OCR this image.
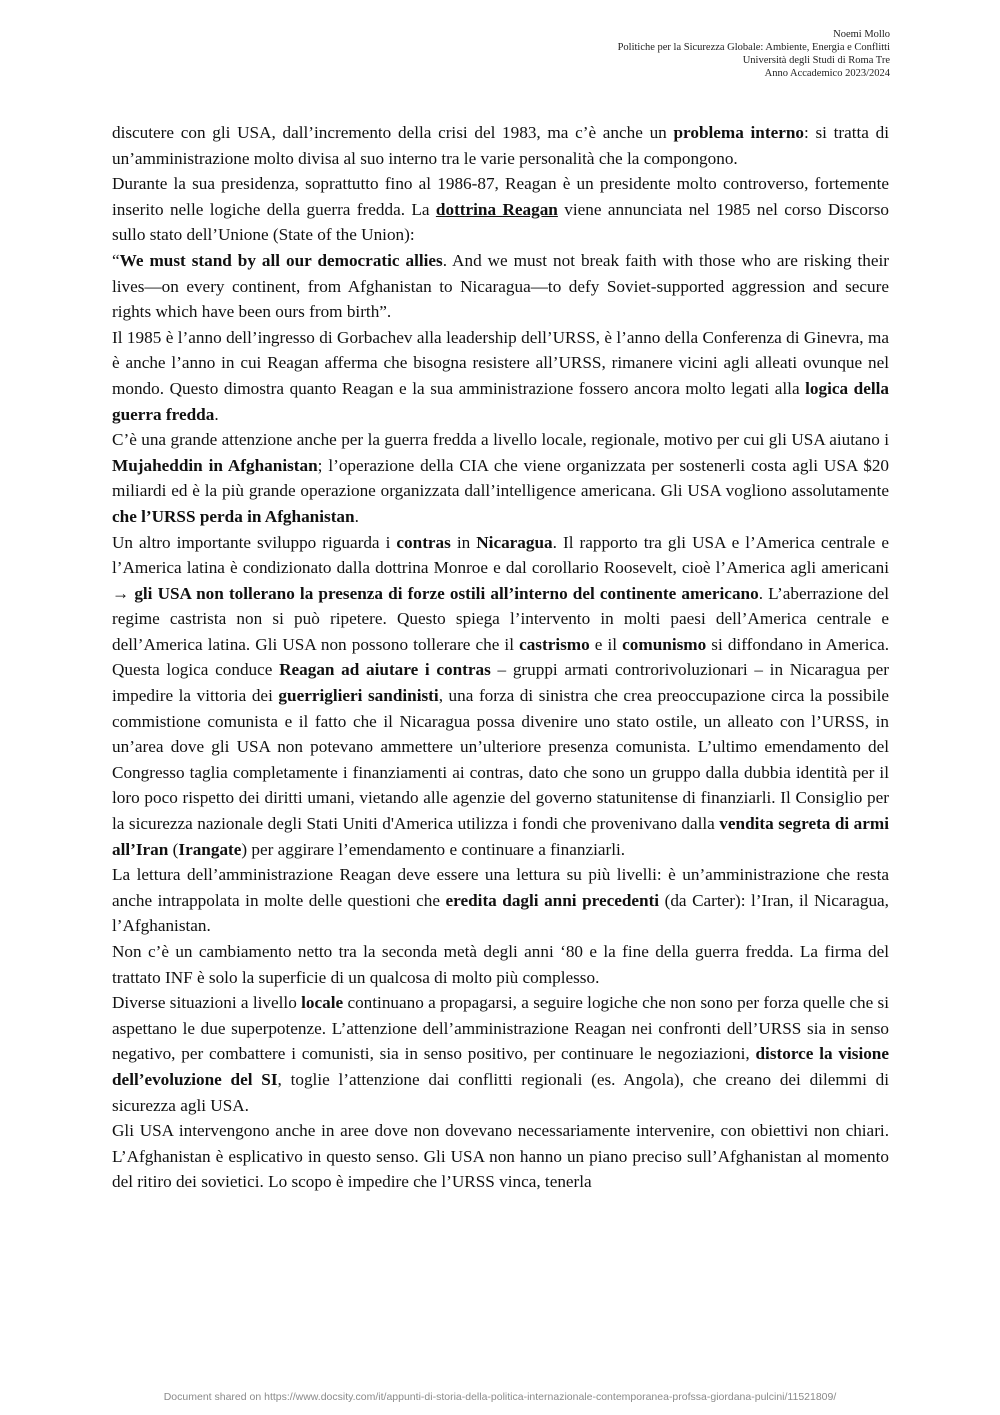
Noemi Mollo
Politiche per la Sicurezza Globale: Ambiente, Energia e Conflitti
Università degli Studi di Roma Tre
Anno Accademico 2023/2024

discutere con gli USA, dall’incremento della crisi del 1983, ma c’è anche un problema interno: si tratta di un’amministrazione molto divisa al suo interno tra le varie personalità che la compongono.

Durante la sua presidenza, soprattutto fino al 1986-87, Reagan è un presidente molto controverso, fortemente inserito nelle logiche della guerra fredda. La dottrina Reagan viene annunciata nel 1985 nel corso Discorso sullo stato dell’Unione (State of the Union):

“We must stand by all our democratic allies. And we must not break faith with those who are risking their lives—on every continent, from Afghanistan to Nicaragua—to defy Soviet-supported aggression and secure rights which have been ours from birth”.

Il 1985 è l’anno dell’ingresso di Gorbachev alla leadership dell’URSS, è l’anno della Conferenza di Ginevra, ma è anche l’anno in cui Reagan afferma che bisogna resistere all’URSS, rimanere vicini agli alleati ovunque nel mondo. Questo dimostra quanto Reagan e la sua amministrazione fossero ancora molto legati alla logica della guerra fredda.

C’è una grande attenzione anche per la guerra fredda a livello locale, regionale, motivo per cui gli USA aiutano i Mujaheddin in Afghanistan; l’operazione della CIA che viene organizzata per sostenerli costa agli USA $20 miliardi ed è la più grande operazione organizzata dall’intelligence americana. Gli USA vogliono assolutamente che l’URSS perda in Afghanistan.

Un altro importante sviluppo riguarda i contras in Nicaragua. Il rapporto tra gli USA e l’America centrale e l’America latina è condizionato dalla dottrina Monroe e dal corollario Roosevelt, cioè l’America agli americani → gli USA non tollerano la presenza di forze ostili all’interno del continente americano. L’aberrazione del regime castrista non si può ripetere. Questo spiega l’intervento in molti paesi dell’America centrale e dell’America latina. Gli USA non possono tollerare che il castrismo e il comunismo si diffondano in America. Questa logica conduce Reagan ad aiutare i contras – gruppi armati controrivoluzionari – in Nicaragua per impedire la vittoria dei guerriglieri sandinisti, una forza di sinistra che crea preoccupazione circa la possibile commistione comunista e il fatto che il Nicaragua possa divenire uno stato ostile, un alleato con l’URSS, in un’area dove gli USA non potevano ammettere un’ulteriore presenza comunista. L’ultimo emendamento del Congresso taglia completamente i finanziamenti ai contras, dato che sono un gruppo dalla dubbia identità per il loro poco rispetto dei diritti umani, vietando alle agenzie del governo statunitense di finanziarli. Il Consiglio per la sicurezza nazionale degli Stati Uniti d'America utilizza i fondi che provenivano dalla vendita segreta di armi all’Iran (Irangate) per aggirare l’emendamento e continuare a finanziarli.

La lettura dell’amministrazione Reagan deve essere una lettura su più livelli: è un’amministrazione che resta anche intrappolata in molte delle questioni che eredita dagli anni precedenti (da Carter): l’Iran, il Nicaragua, l’Afghanistan.

Non c’è un cambiamento netto tra la seconda metà degli anni ‘80 e la fine della guerra fredda. La firma del trattato INF è solo la superficie di un qualcosa di molto più complesso.

Diverse situazioni a livello locale continuano a propagarsi, a seguire logiche che non sono per forza quelle che si aspettano le due superpotenze. L’attenzione dell’amministrazione Reagan nei confronti dell’URSS sia in senso negativo, per combattere i comunisti, sia in senso positivo, per continuare le negoziazioni, distorce la visione dell’evoluzione del SI, toglie l’attenzione dai conflitti regionali (es. Angola), che creano dei dilemmi di sicurezza agli USA.

Gli USA intervengono anche in aree dove non dovevano necessariamente intervenire, con obiettivi non chiari. L’Afghanistan è esplicativo in questo senso. Gli USA non hanno un piano preciso sull’Afghanistan al momento del ritiro dei sovietici. Lo scopo è impedire che l’URSS vinca, tenerla

Document shared on https://www.docsity.com/it/appunti-di-storia-della-politica-internazionale-contemporanea-profssa-giordana-pulcini/11521809/
